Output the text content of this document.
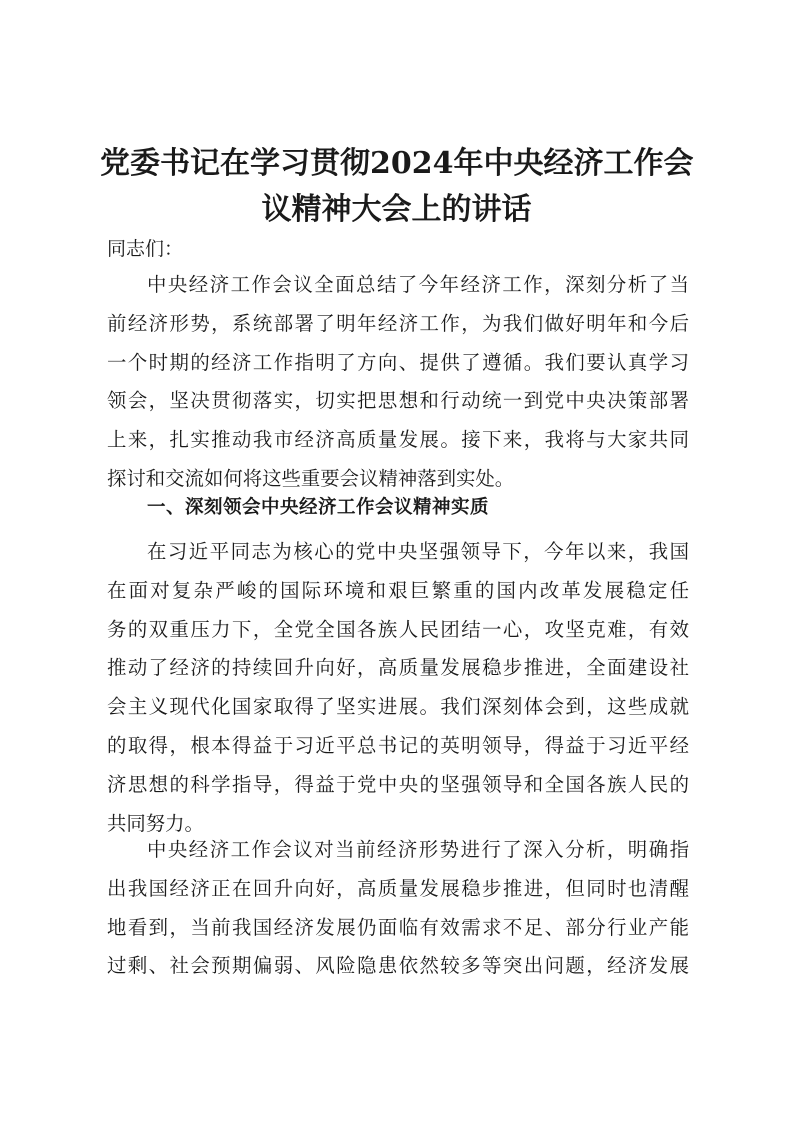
党委书记在学习贯彻2024年中央经济工作会
议精神大会上的讲话
同志们：
中央经济工作会议全面总结了今年经济工作，深刻分析了当
前经济形势，系统部署了明年经济工作，为我们做好明年和今后
一个时期的经济工作指明了方向、提供了遵循。我们要认真学习
领会，坚决贯彻落实，切实把思想和行动统一到党中央决策部署
上来，扎实推动我市经济高质量发展。接下来，我将与大家共同
探讨和交流如何将这些重要会议精神落到实处。
一、深刻领会中央经济工作会议精神实质
在习近平同志为核心的党中央坚强领导下，今年以来，我国
在面对复杂严峻的国际环境和艰巨繁重的国内改革发展稳定任
务的双重压力下，全党全国各族人民团结一心，攻坚克难，有效
推动了经济的持续回升向好，高质量发展稳步推进，全面建设社
会主义现代化国家取得了坚实进展。我们深刻体会到，这些成就
的取得，根本得益于习近平总书记的英明领导，得益于习近平经
济思想的科学指导，得益于党中央的坚强领导和全国各族人民的
共同努力。
中央经济工作会议对当前经济形势进行了深入分析，明确指
出我国经济正在回升向好，高质量发展稳步推进，但同时也清醒
地看到，当前我国经济发展仍面临有效需求不足、部分行业产能
过剩、社会预期偏弱、风险隐患依然较多等突出问题，经济发展
